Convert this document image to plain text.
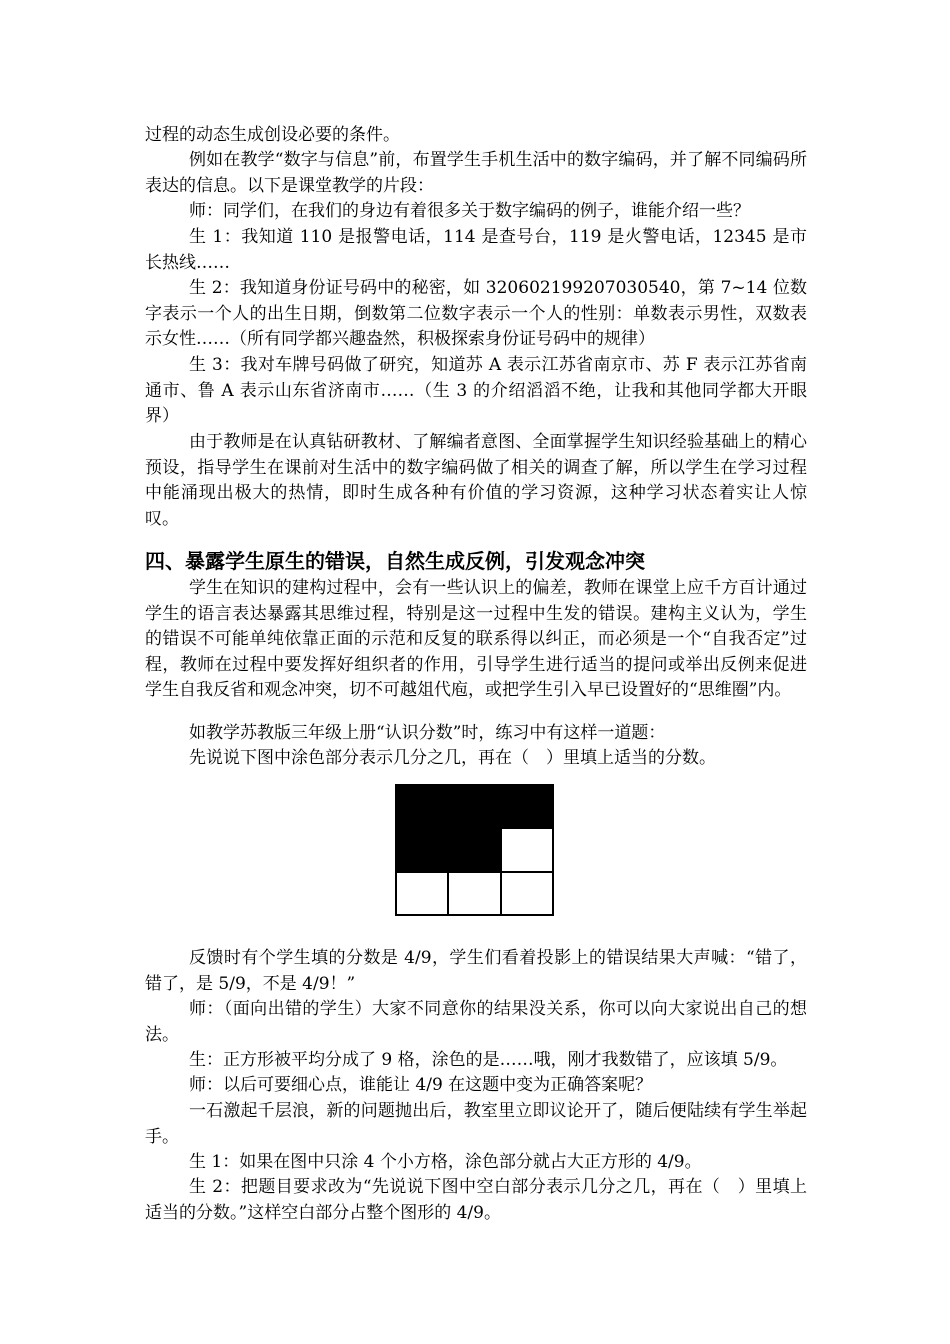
过程的动态生成创设必要的条件。

例如在教学“数字与信息”前，布置学生手机生活中的数字编码，并了解不同编码所表达的信息。以下是课堂教学的片段：

师：同学们，在我们的身边有着很多关于数字编码的例子，谁能介绍一些？

生 1：我知道 110 是报警电话，114 是查号台，119 是火警电话，12345 是市长热线……

生 2：我知道身份证号码中的秘密，如 320602199207030540，第 7~14 位数字表示一个人的出生日期，倒数第二位数字表示一个人的性别：单数表示男性，双数表示女性……（所有同学都兴趣盎然，积极探索身份证号码中的规律）

生 3：我对车牌号码做了研究，知道苏 A 表示江苏省南京市、苏 F 表示江苏省南通市、鲁 A 表示山东省济南市……（生 3 的介绍滔滔不绝，让我和其他同学都大开眼界）

由于教师是在认真钻研教材、了解编者意图、全面掌握学生知识经验基础上的精心预设，指导学生在课前对生活中的数字编码做了相关的调查了解，所以学生在学习过程中能涌现出极大的热情，即时生成各种有价值的学习资源，这种学习状态着实让人惊叹。

四、暴露学生原生的错误，自然生成反例，引发观念冲突

学生在知识的建构过程中，会有一些认识上的偏差，教师在课堂上应千方百计通过学生的语言表达暴露其思维过程，特别是这一过程中生发的错误。建构主义认为，学生的错误不可能单纯依靠正面的示范和反复的联系得以纠正，而必须是一个“自我否定”过程，教师在过程中要发挥好组织者的作用，引导学生进行适当的提问或举出反例来促进学生自我反省和观念冲突，切不可越俎代庖，或把学生引入早已设置好的“思维圈”内。

如教学苏教版三年级上册“认识分数”时，练习中有这样一道题：

先说说下图中涂色部分表示几分之几，再在（　）里填上适当的分数。

反馈时有个学生填的分数是 4/9，学生们看着投影上的错误结果大声喊：“错了，错了，是 5/9，不是 4/9！”

师：（面向出错的学生）大家不同意你的结果没关系，你可以向大家说出自己的想法。

生：正方形被平均分成了 9 格，涂色的是……哦，刚才我数错了，应该填 5/9。

师：以后可要细心点，谁能让 4/9 在这题中变为正确答案呢？

一石激起千层浪，新的问题抛出后，教室里立即议论开了，随后便陆续有学生举起手。

生 1：如果在图中只涂 4 个小方格，涂色部分就占大正方形的 4/9。

生 2：把题目要求改为“先说说下图中空白部分表示几分之几，再在（　）里填上适当的分数。”这样空白部分占整个图形的 4/9。
